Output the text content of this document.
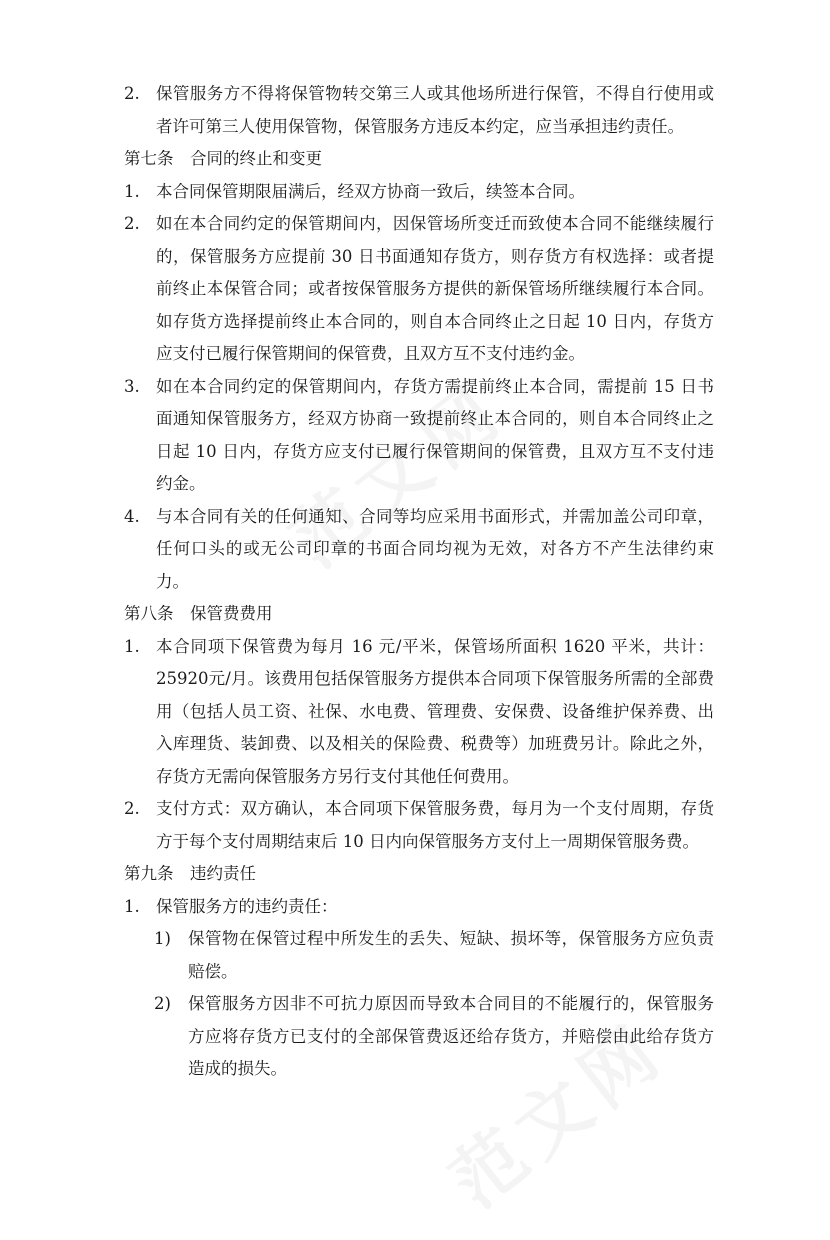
2. 保管服务方不得将保管物转交第三人或其他场所进行保管，不得自行使用或者许可第三人使用保管物，保管服务方违反本约定，应当承担违约责任。
第七条　合同的终止和变更
1. 本合同保管期限届满后，经双方协商一致后，续签本合同。
2. 如在本合同约定的保管期间内，因保管场所变迁而致使本合同不能继续履行的，保管服务方应提前 30 日书面通知存货方，则存货方有权选择：或者提前终止本保管合同；或者按保管服务方提供的新保管场所继续履行本合同。如存货方选择提前终止本合同的，则自本合同终止之日起 10 日内，存货方应支付已履行保管期间的保管费，且双方互不支付违约金。
3. 如在本合同约定的保管期间内，存货方需提前终止本合同，需提前 15 日书面通知保管服务方，经双方协商一致提前终止本合同的，则自本合同终止之日起 10 日内，存货方应支付已履行保管期间的保管费，且双方互不支付违约金。
4. 与本合同有关的任何通知、合同等均应采用书面形式，并需加盖公司印章，任何口头的或无公司印章的书面合同均视为无效，对各方不产生法律约束力。
第八条　保管费费用
1. 本合同项下保管费为每月 16 元/平米，保管场所面积 1620 平米，共计：25920元/月。该费用包括保管服务方提供本合同项下保管服务所需的全部费用（包括人员工资、社保、水电费、管理费、安保费、设备维护保养费、出入库理货、装卸费、以及相关的保险费、税费等）加班费另计。除此之外，存货方无需向保管服务方另行支付其他任何费用。
2. 支付方式：双方确认，本合同项下保管服务费，每月为一个支付周期，存货方于每个支付周期结束后 10 日内向保管服务方支付上一周期保管服务费。
第九条　违约责任
1. 保管服务方的违约责任：
1) 保管物在保管过程中所发生的丢失、短缺、损坏等，保管服务方应负责赔偿。
2) 保管服务方因非不可抗力原因而导致本合同目的不能履行的，保管服务方应将存货方已支付的全部保管费返还给存货方，并赔偿由此给存货方造成的损失。
